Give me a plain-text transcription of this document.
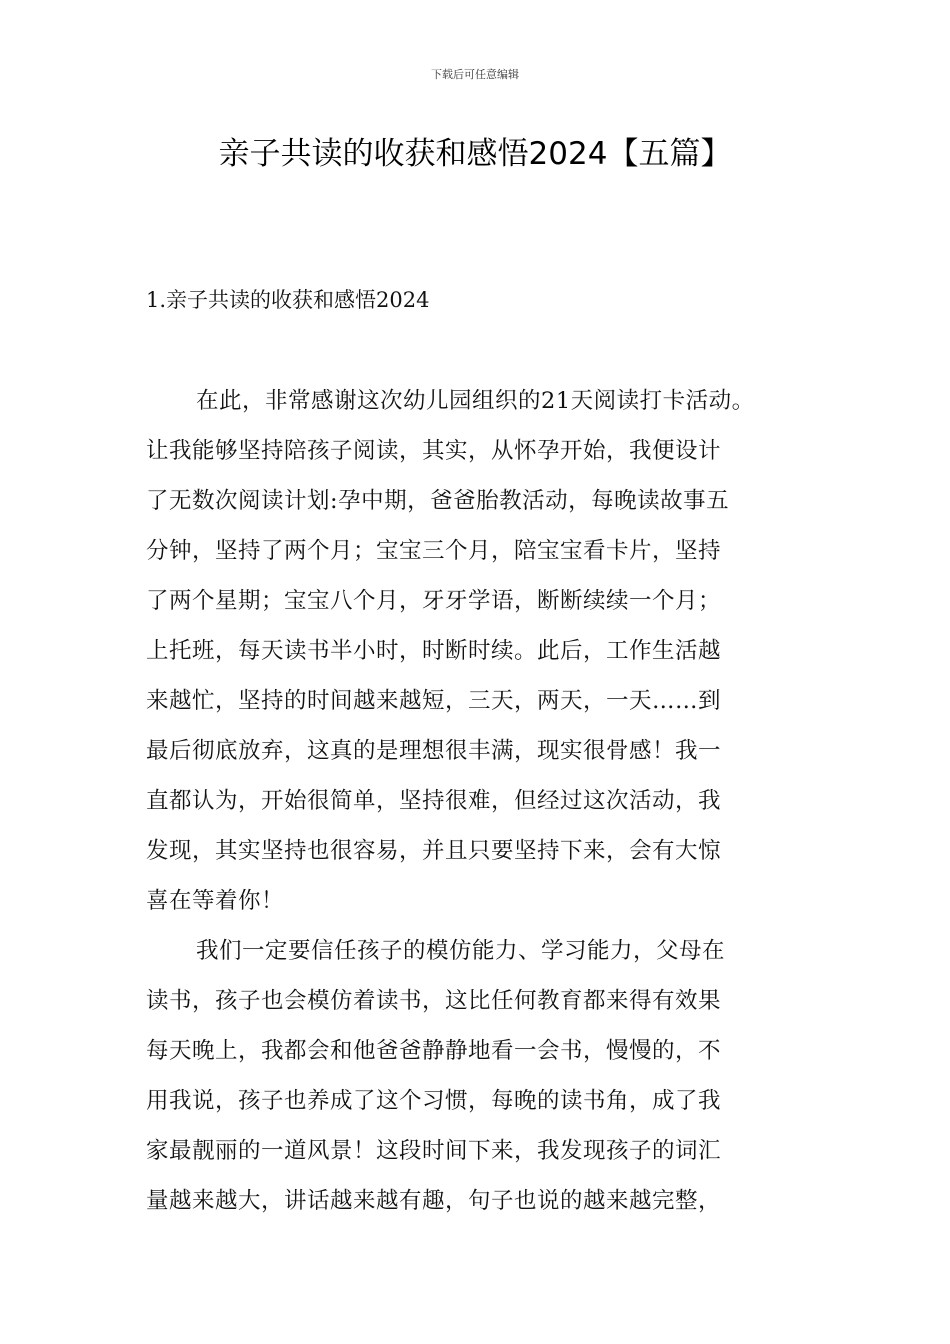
下载后可任意编辑
亲子共读的收获和感悟2024【五篇】
1.亲子共读的收获和感悟2024
在此，非常感谢这次幼儿园组织的21天阅读打卡活动。
让我能够坚持陪孩子阅读，其实，从怀孕开始，我便设计
了无数次阅读计划:孕中期，爸爸胎教活动，每晚读故事五
分钟，坚持了两个月；宝宝三个月，陪宝宝看卡片，坚持
了两个星期；宝宝八个月，牙牙学语，断断续续一个月；
上托班，每天读书半小时，时断时续。此后，工作生活越
来越忙，坚持的时间越来越短，三天，两天，一天……到
最后彻底放弃，这真的是理想很丰满，现实很骨感！我一
直都认为，开始很简单，坚持很难，但经过这次活动，我
发现，其实坚持也很容易，并且只要坚持下来，会有大惊
喜在等着你！
我们一定要信任孩子的模仿能力、学习能力，父母在
读书，孩子也会模仿着读书，这比任何教育都来得有效果
每天晚上，我都会和他爸爸静静地看一会书，慢慢的，不
用我说，孩子也养成了这个习惯，每晚的读书角，成了我
家最靓丽的一道风景！这段时间下来，我发现孩子的词汇
量越来越大，讲话越来越有趣，句子也说的越来越完整，
